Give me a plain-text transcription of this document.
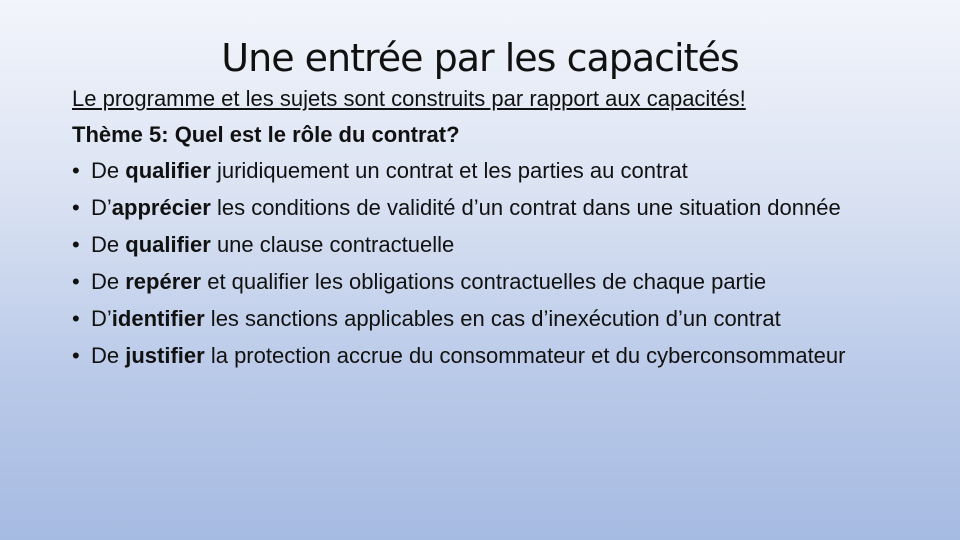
Une entrée par les capacités
Le programme et les sujets sont construits par rapport aux capacités!
Thème 5: Quel est le rôle du contrat?
• De qualifier juridiquement un contrat et les parties au contrat
• D’apprécier les conditions de validité d’un contrat dans une situation donnée
• De qualifier une clause contractuelle
• De repérer et qualifier les obligations contractuelles de chaque partie
• D’identifier les sanctions applicables en cas d’inexécution d’un contrat
• De justifier la protection accrue du consommateur et du cyberconsommateur
